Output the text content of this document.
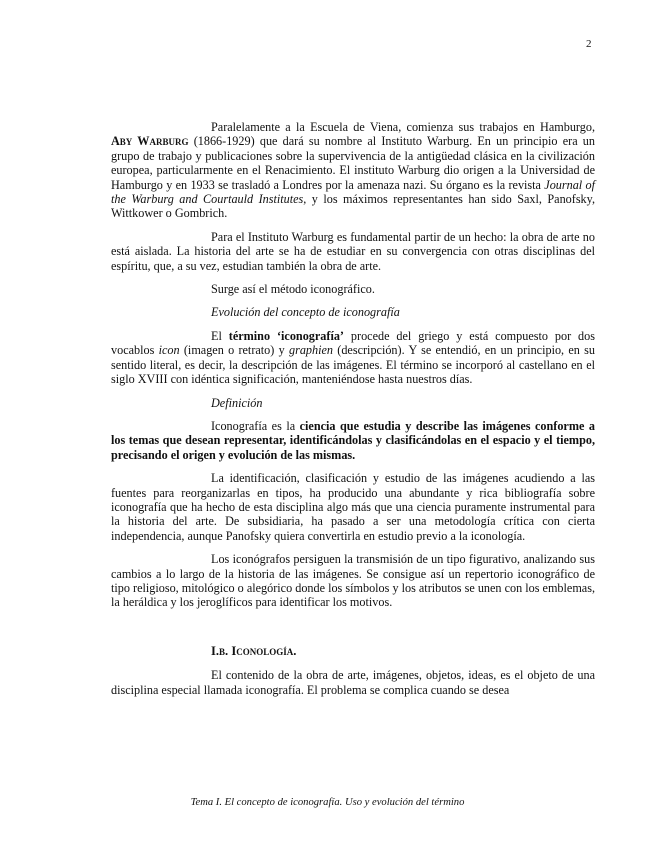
2

Paralelamente a la Escuela de Viena, comienza sus trabajos en Hamburgo, Aby Warburg (1866-1929) que dará su nombre al Instituto Warburg. En un principio era un grupo de trabajo y publicaciones sobre la supervivencia de la antigüedad clásica en la civilización europea, particularmente en el Renacimiento. El instituto Warburg dio origen a la Universidad de Hamburgo y en 1933 se trasladó a Londres por la amenaza nazi. Su órgano es la revista Journal of the Warburg and Courtauld Institutes, y los máximos representantes han sido Saxl, Panofsky, Wittkower o Gombrich.

Para el Instituto Warburg es fundamental partir de un hecho: la obra de arte no está aislada. La historia del arte se ha de estudiar en su convergencia con otras disciplinas del espíritu, que, a su vez, estudian también la obra de arte.

Surge así el método iconográfico.

Evolución del concepto de iconografía

El término ‘iconografía’ procede del griego y está compuesto por dos vocablos icon (imagen o retrato) y graphien (descripción). Y se entendió, en un principio, en su sentido literal, es decir, la descripción de las imágenes. El término se incorporó al castellano en el siglo XVIII con idéntica significación, manteniéndose hasta nuestros días.

Definición

Iconografía es la ciencia que estudia y describe las imágenes conforme a los temas que desean representar, identificándolas y clasificándolas en el espacio y el tiempo, precisando el origen y evolución de las mismas.

La identificación, clasificación y estudio de las imágenes acudiendo a las fuentes para reorganizarlas en tipos, ha producido una abundante y rica bibliografía sobre iconografía que ha hecho de esta disciplina algo más que una ciencia puramente instrumental para la historia del arte. De subsidiaria, ha pasado a ser una metodología crítica con cierta independencia, aunque Panofsky quiera convertirla en estudio previo a la iconología.

Los iconógrafos persiguen la transmisión de un tipo figurativo, analizando sus cambios a lo largo de la historia de las imágenes. Se consigue así un repertorio iconográfico de tipo religioso, mitológico o alegórico donde los símbolos y los atributos se unen con los emblemas, la heráldica y los jeroglíficos para identificar los motivos.

I.b. Iconología.

El contenido de la obra de arte, imágenes, objetos, ideas, es el objeto de una disciplina especial llamada iconografía. El problema se complica cuando se desea

Tema I. El concepto de iconografía. Uso y evolución del término
